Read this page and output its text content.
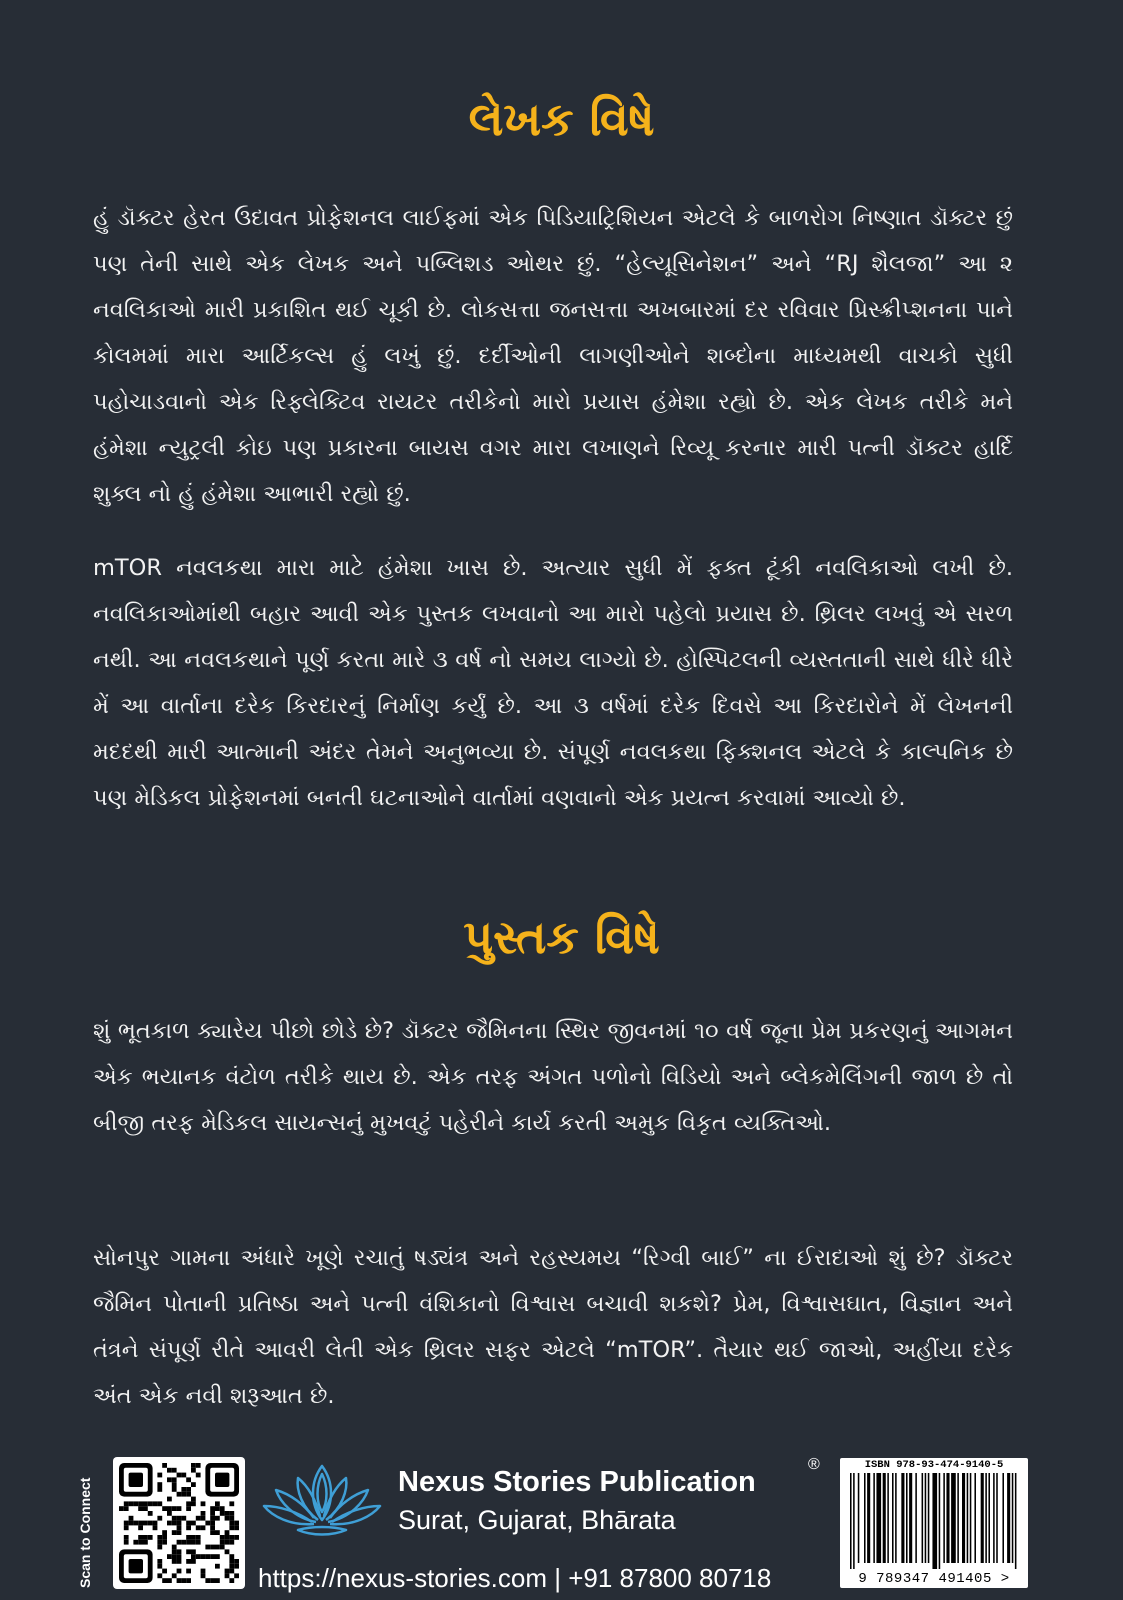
લેખક વિષે

હું ડૉક્ટર હેરત ઉદાવત પ્રોફેશનલ લાઈફમાં એક પિડિયાટ્રિશિયન એટલે કે બાળરોગ નિષ્ણાત ડૉક્ટર છું પણ તેની સાથે એક લેખક અને પબ્લિશડ ઓથર છું. “હેલ્યૂસિનેશન” અને “RJ શૈલજા” આ ૨ નવલિકાઓ મારી પ્રકાશિત થઈ ચૂકી છે. લોકસત્તા જનસત્તા અખબારમાં દર રવિવાર પ્રિસ્ક્રીપ્શનના પાને કોલમમાં મારા આર્ટિકલ્સ હું લખું છું. દર્દીઓની લાગણીઓને શબ્દોના માધ્યમથી વાચકો સુધી પહોચાડવાનો એક રિફ્લેક્ટિવ રાયટર તરીકેનો મારો પ્રયાસ હંમેશા રહ્યો છે. એક લેખક તરીકે મને હંમેશા ન્યુટ્રલી કોઇ પણ પ્રકારના બાયસ વગર મારા લખાણને રિવ્યૂ કરનાર મારી પત્ની ડૉક્ટર હાર્દિ શુક્લ નો હું હંમેશા આભારી રહ્યો છું.

mTOR નવલકથા મારા માટે હંમેશા ખાસ છે. અત્યાર સુધી મેં ફક્ત ટૂંકી નવલિકાઓ લખી છે. નવલિકાઓમાંથી બહાર આવી એક પુસ્તક લખવાનો આ મારો પહેલો પ્રયાસ છે. થ્રિલર લખવું એ સરળ નથી. આ નવલકથાને પૂર્ણ કરતા મારે ૩ વર્ષ નો સમય લાગ્યો છે. હોસ્પિટલની વ્યસ્તતાની સાથે ધીરે ધીરે મેં આ વાર્તાના દરેક કિરદારનું નિર્માણ કર્યું છે. આ ૩ વર્ષમાં દરેક દિવસે આ કિરદારોને મેં લેખનની મદદથી મારી આત્માની અંદર તેમને અનુભવ્યા છે. સંપૂર્ણ નવલકથા ફિક્શનલ એટલે કે કાલ્પનિક છે પણ મેડિકલ પ્રોફેશનમાં બનતી ઘટનાઓને વાર્તામાં વણવાનો એક પ્રયત્ન કરવામાં આવ્યો છે.

પુસ્તક વિષે

શું ભૂતકાળ ક્યારેય પીછો છોડે છે? ડૉક્ટર જૈમિનના સ્થિર જીવનમાં ૧૦ વર્ષ જૂના પ્રેમ પ્રકરણનું આગમન એક ભયાનક વંટોળ તરીકે થાય છે. એક તરફ અંગત પળોનો વિડિયો અને બ્લેકમેલિંગની જાળ છે તો બીજી તરફ મેડિકલ સાયન્સનું મુખવટું પહેરીને કાર્ય કરતી અમુક વિકૃત વ્યક્તિઓ.

સોનપુર ગામના અંધારે ખૂણે રચાતું ષડ્યંત્ર અને રહસ્યમય “રિગ્વી બાઈ” ના ઈરાદાઓ શું છે? ડૉક્ટર જૈમિન પોતાની પ્રતિષ્ઠા અને પત્ની વંશિકાનો વિશ્વાસ બચાવી શકશે? પ્રેમ, વિશ્વાસઘાત, વિજ્ઞાન અને તંત્રને સંપૂર્ણ રીતે આવરી લેતી એક થ્રિલર સફર એટલે “mTOR”. તૈયાર થઈ જાઓ, અહીંયા દરેક અંત એક નવી શરૂઆત છે.

Scan to Connect	Nexus Stories Publication
®
Surat, Gujarat, Bhārata
https://nexus-stories.com | +91 87800 80718
ISBN 978-93-474-9140-5
9 789347 491405 >
